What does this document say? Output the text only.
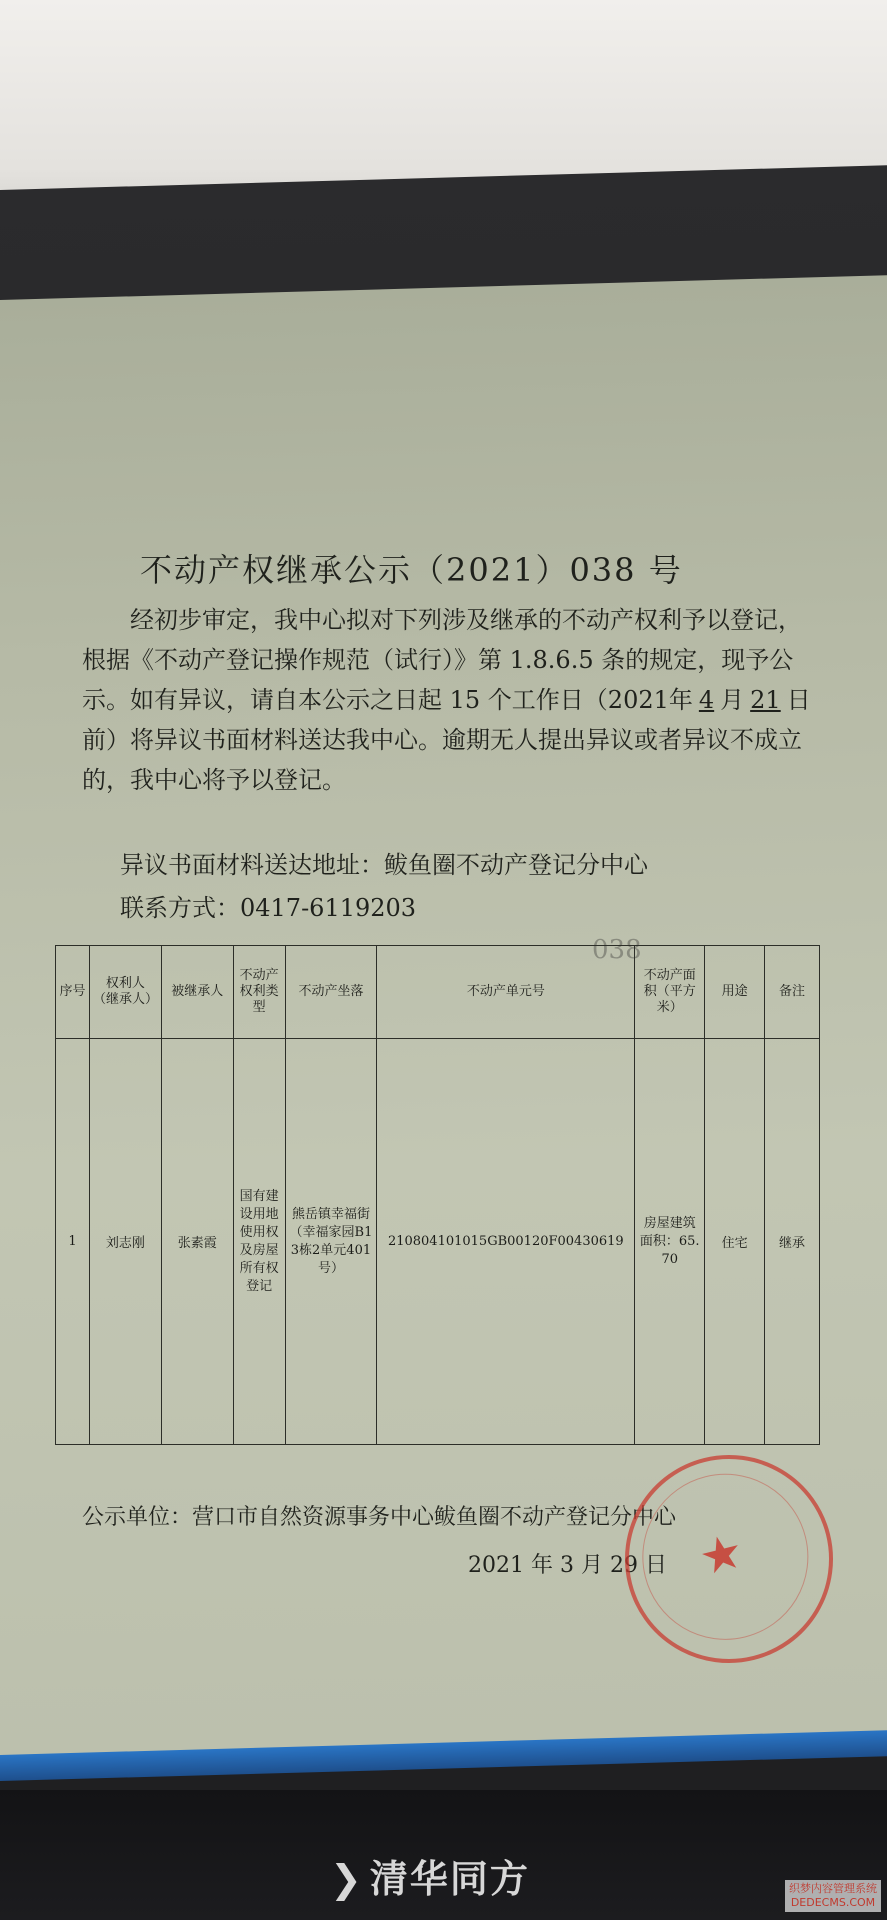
不动产权继承公示（2021）038 号

经初步审定，我中心拟对下列涉及继承的不动产权利予以登记，根据《不动产登记操作规范（试行）》第 1.8.6.5 条的规定，现予公示。如有异议，请自本公示之日起 15 个工作日（2021年 4 月 21 日前）将异议书面材料送达我中心。逾期无人提出异议或者异议不成立的，我中心将予以登记。

异议书面材料送达地址：鲅鱼圈不动产登记分中心
联系方式：0417-6119203
038
序号	权利人（继承人）	被继承人	不动产权利类型	不动产坐落	不动产单元号	不动产面积（平方米）	用途	备注
1	刘志刚	张素霞	国有建设用地使用权及房屋所有权登记	熊岳镇幸福街（幸福家园B13栋2单元401号）	210804101015GB00120F00430619	房屋建筑面积：65.70	住宅	继承
公示单位：营口市自然资源事务中心鲅鱼圈不动产登记分中心
2021 年 3 月 29 日 ★
❯ 清华同方	织梦内容管理系统
DEDECMS.COM
